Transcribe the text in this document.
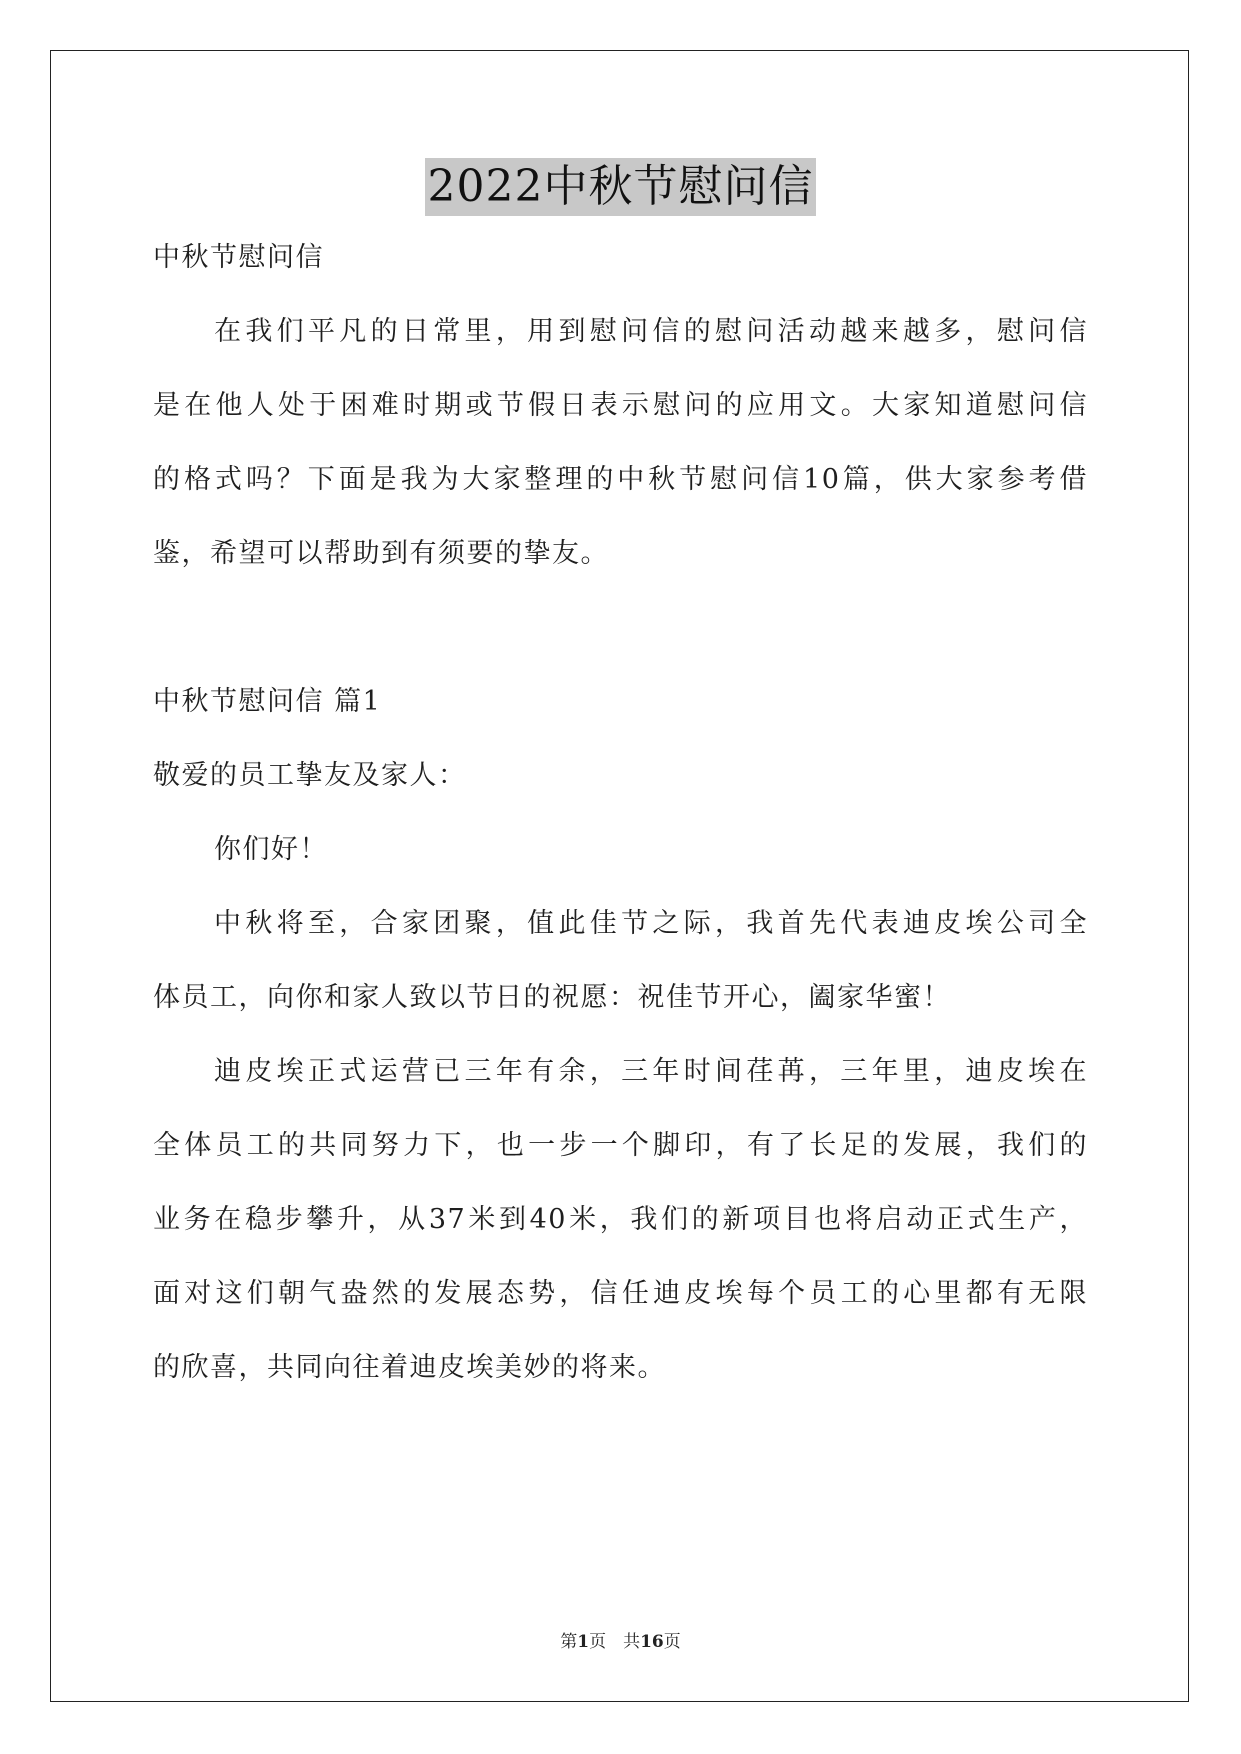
2022中秋节慰问信
中秋节慰问信
在我们平凡的日常里，用到慰问信的慰问活动越来越多，慰问信
是在他人处于困难时期或节假日表示慰问的应用文。大家知道慰问信
的格式吗？下面是我为大家整理的中秋节慰问信10篇，供大家参考借
鉴，希望可以帮助到有须要的挚友。
中秋节慰问信 篇1
敬爱的员工挚友及家人：
你们好！
中秋将至，合家团聚，值此佳节之际，我首先代表迪皮埃公司全
体员工，向你和家人致以节日的祝愿：祝佳节开心，阖家华蜜！
迪皮埃正式运营已三年有余，三年时间荏苒，三年里，迪皮埃在
全体员工的共同努力下，也一步一个脚印，有了长足的发展，我们的
业务在稳步攀升，从37米到40米，我们的新项目也将启动正式生产，
面对这们朝气盎然的发展态势，信任迪皮埃每个员工的心里都有无限
的欣喜，共同向往着迪皮埃美妙的将来。
第1页　共16页
